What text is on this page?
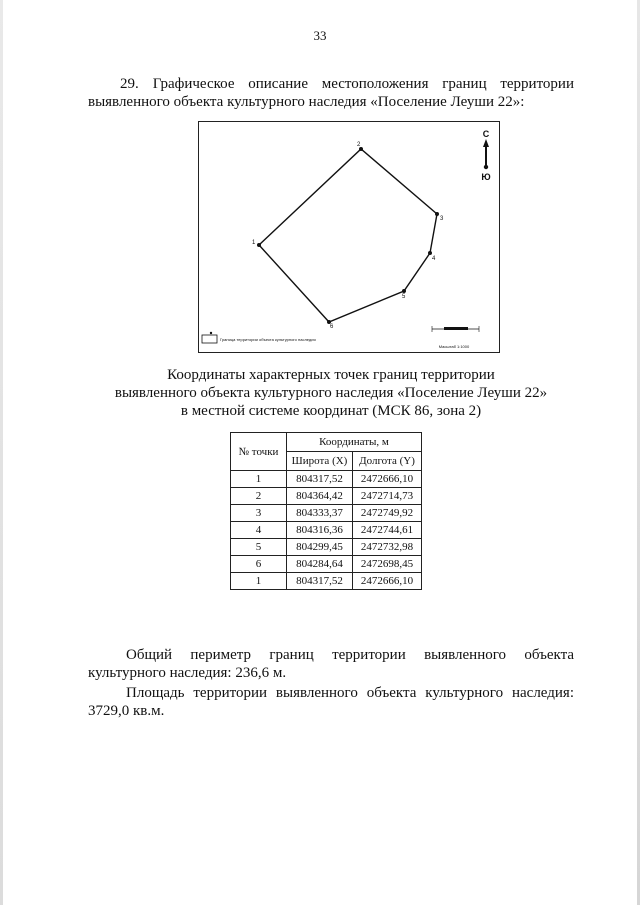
33
29. Графическое описание местоположения границ территории выявленного объекта культурного наследия «Поселение Леуши 22»:
1
2
3
4
5
6
С
Ю
Граница территории объекта культурного наследия
Масштаб 1:1000
Координаты характерных точек границ территории
выявленного объекта культурного наследия «Поселение Леуши 22»
в местной системе координат (МСК 86, зона 2)
№ точки	Координаты, м	
	Широта (X)	Долгота (Y)
1	804317,52	2472666,10
2	804364,42	2472714,73
3	804333,37	2472749,92
4	804316,36	2472744,61
5	804299,45	2472732,98
6	804284,64	2472698,45
1	804317,52	2472666,10
Общий периметр границ территории выявленного объекта культурного наследия: 236,6 м.
Площадь территории выявленного объекта культурного наследия: 3729,0 кв.м.
